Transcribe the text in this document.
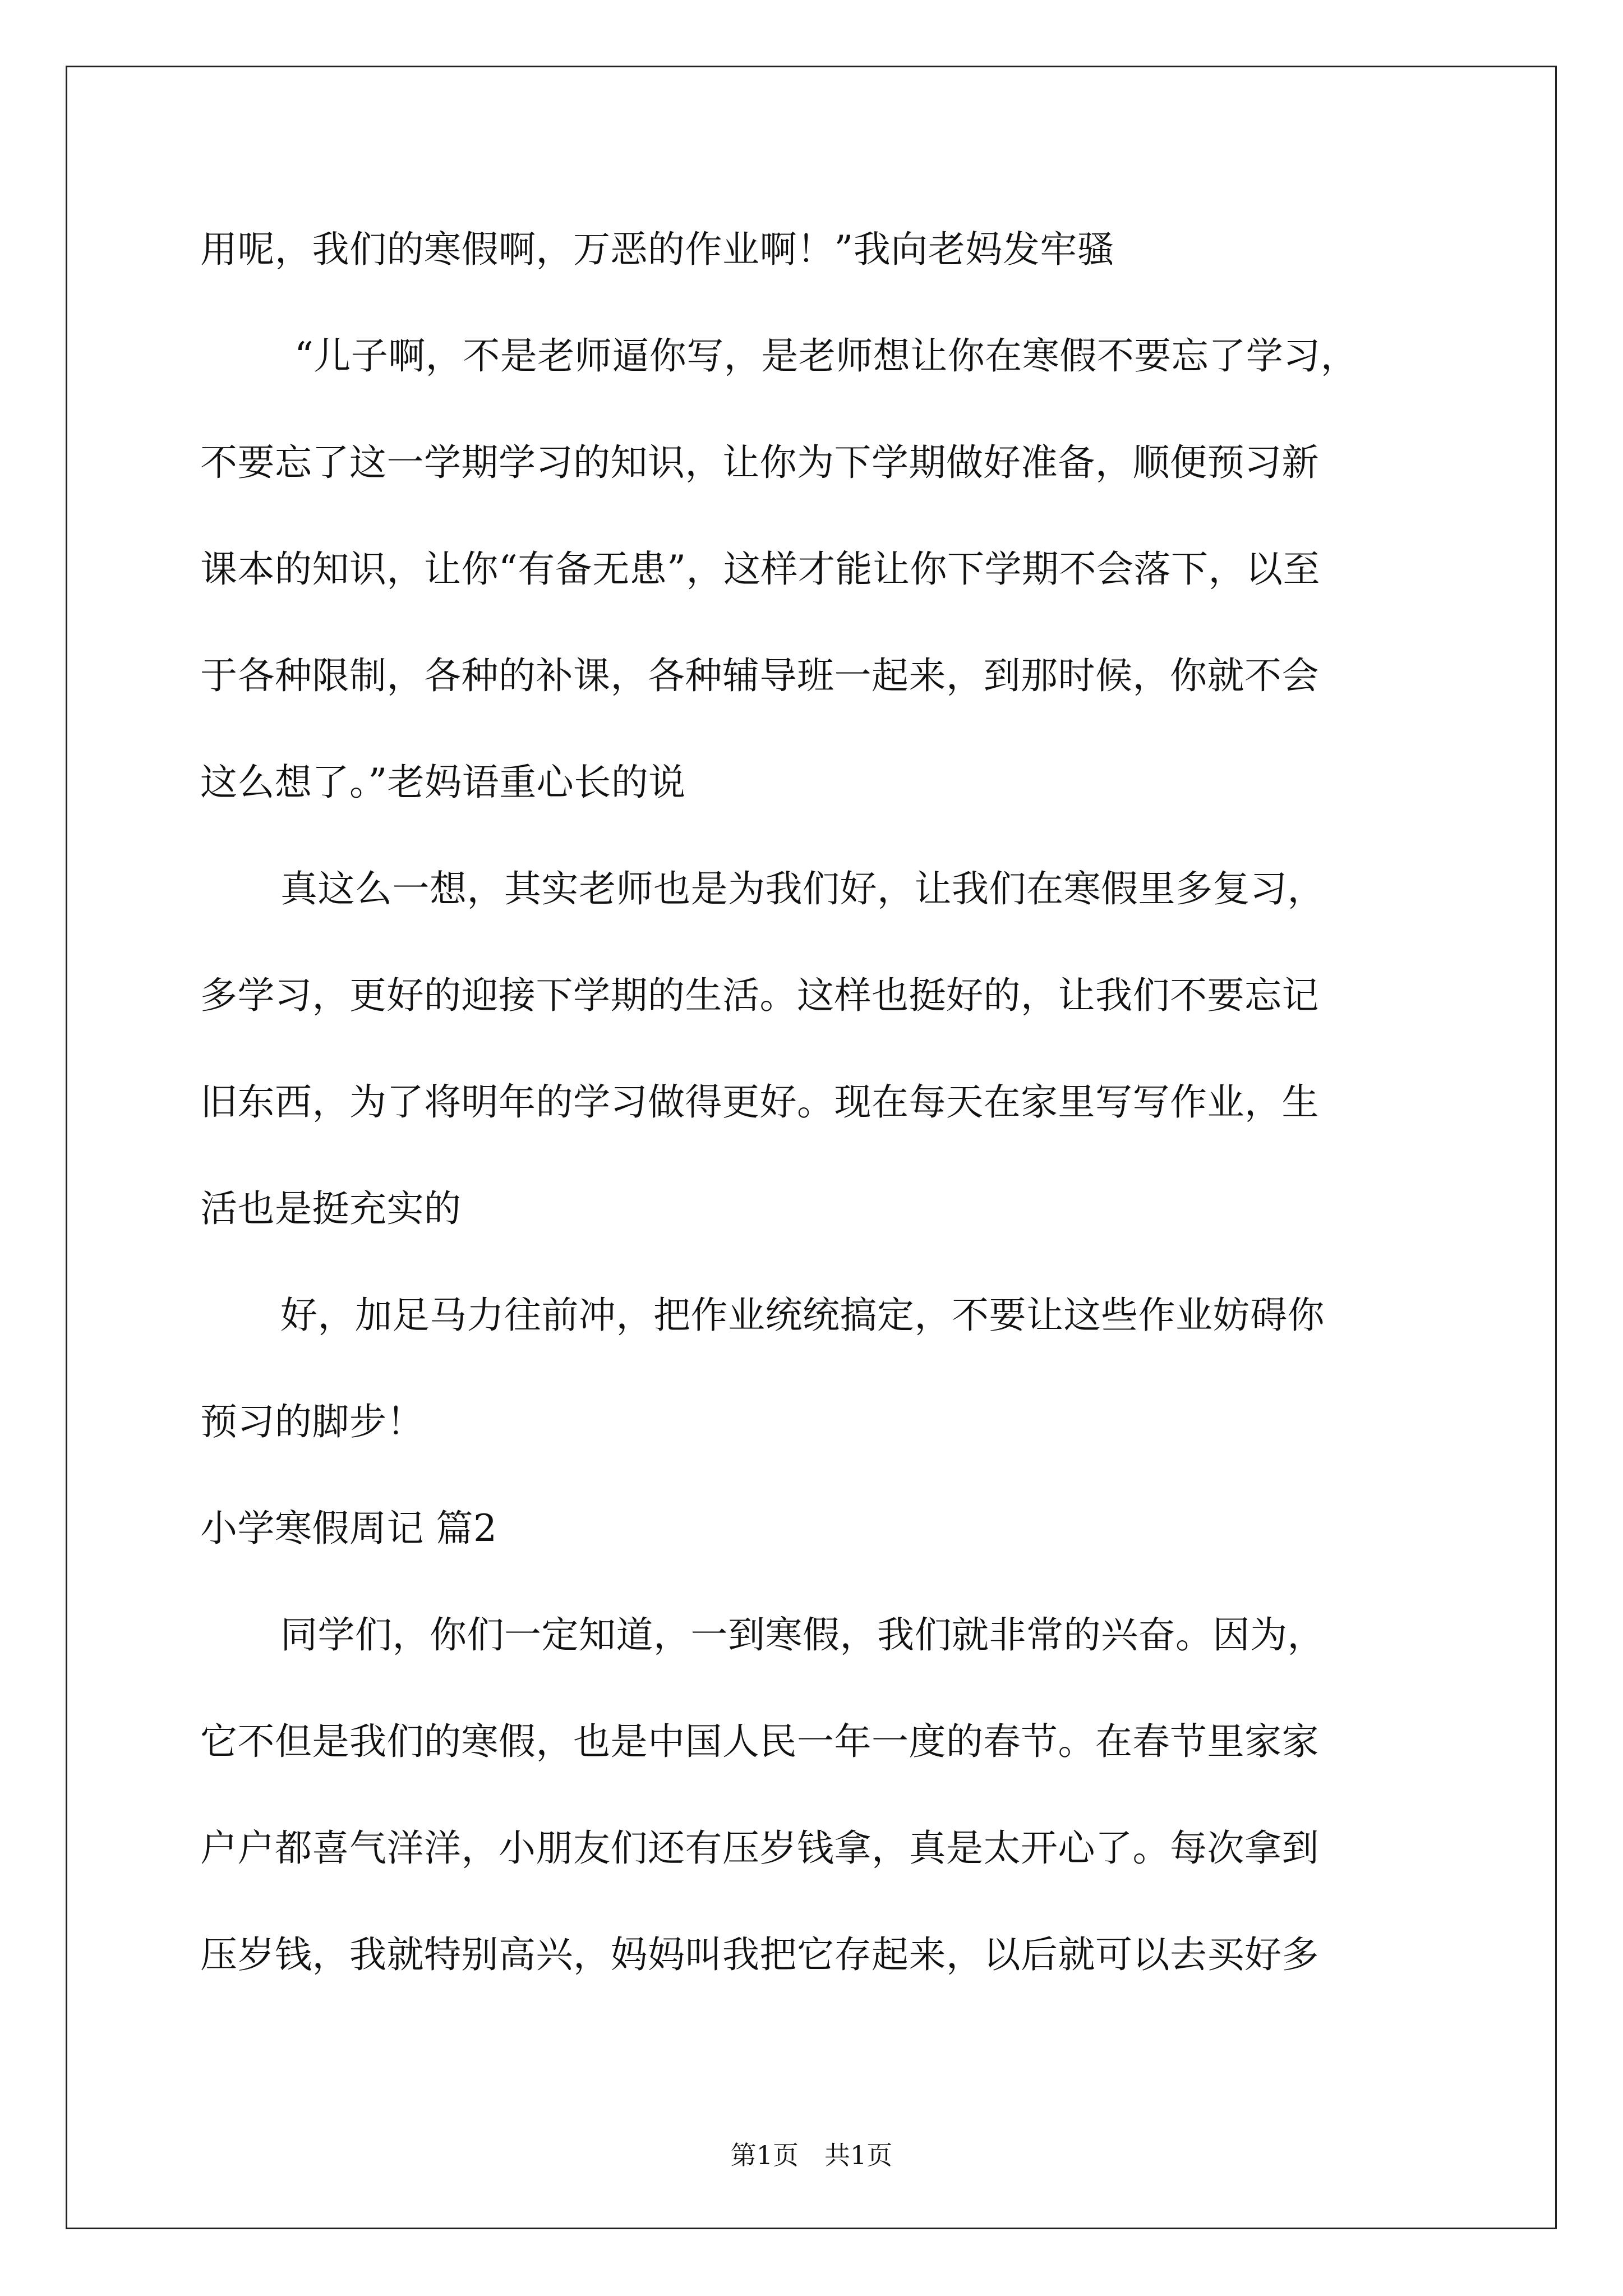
用呢，我们的寒假啊，万恶的作业啊！”我向老妈发牢骚
“儿子啊，不是老师逼你写，是老师想让你在寒假不要忘了学习，
不要忘了这一学期学习的知识，让你为下学期做好准备，顺便预习新
课本的知识，让你“有备无患”，这样才能让你下学期不会落下，以至
于各种限制，各种的补课，各种辅导班一起来，到那时候，你就不会
这么想了。”老妈语重心长的说
真这么一想，其实老师也是为我们好，让我们在寒假里多复习，
多学习，更好的迎接下学期的生活。这样也挺好的，让我们不要忘记
旧东西，为了将明年的学习做得更好。现在每天在家里写写作业，生
活也是挺充实的
好，加足马力往前冲，把作业统统搞定，不要让这些作业妨碍你
预习的脚步！
小学寒假周记 篇2
同学们，你们一定知道，一到寒假，我们就非常的兴奋。因为，
它不但是我们的寒假，也是中国人民一年一度的春节。在春节里家家
户户都喜气洋洋，小朋友们还有压岁钱拿，真是太开心了。每次拿到
压岁钱，我就特别高兴，妈妈叫我把它存起来，以后就可以去买好多
第1页　共1页
